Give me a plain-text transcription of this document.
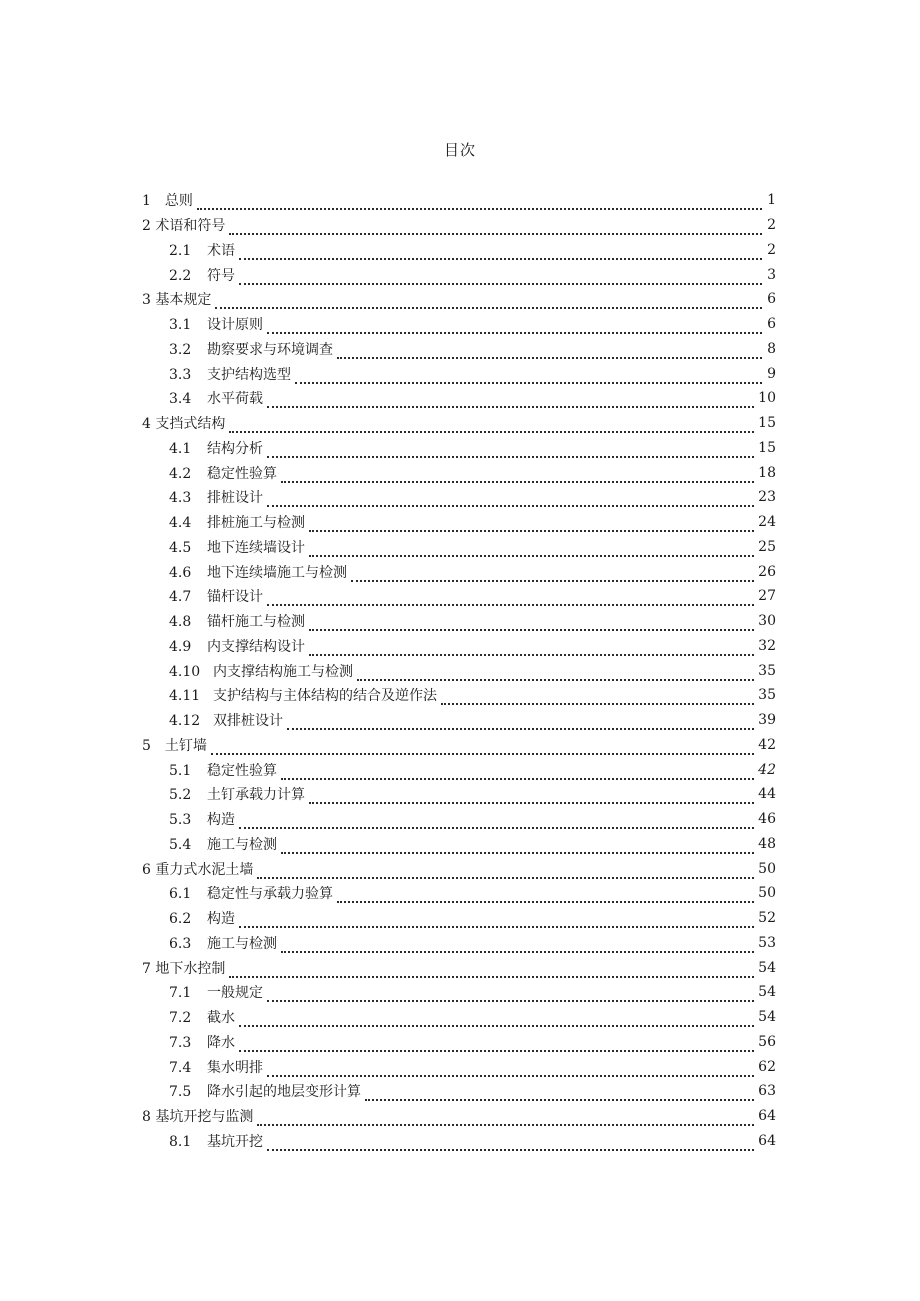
目次
1　总则	1
2 术语和符号	2
2.1 术语	2
2.2 符号	3
3 基本规定	6
3.1 设计原则	6
3.2 勘察要求与环境调查	8
3.3 支护结构选型	9
3.4 水平荷载	10
4 支挡式结构	15
4.1 结构分析	15
4.2 稳定性验算	18
4.3 排桩设计	23
4.4 排桩施工与检测	24
4.5 地下连续墙设计	25
4.6 地下连续墙施工与检测	26
4.7 锚杆设计	27
4.8 锚杆施工与检测	30
4.9 内支撑结构设计	32
4.10 内支撑结构施工与检测	35
4.11 支护结构与主体结构的结合及逆作法	35
4.12 双排桩设计	39
5　土钉墙	42
5.1 稳定性验算	42
5.2 土钉承载力计算	44
5.3 构造	46
5.4 施工与检测	48
6 重力式水泥土墙	50
6.1 稳定性与承载力验算	50
6.2 构造	52
6.3 施工与检测	53
7 地下水控制	54
7.1 一般规定	54
7.2 截水	54
7.3 降水	56
7.4 集水明排	62
7.5 降水引起的地层变形计算	63
8 基坑开挖与监测	64
8.1 基坑开挖	64
